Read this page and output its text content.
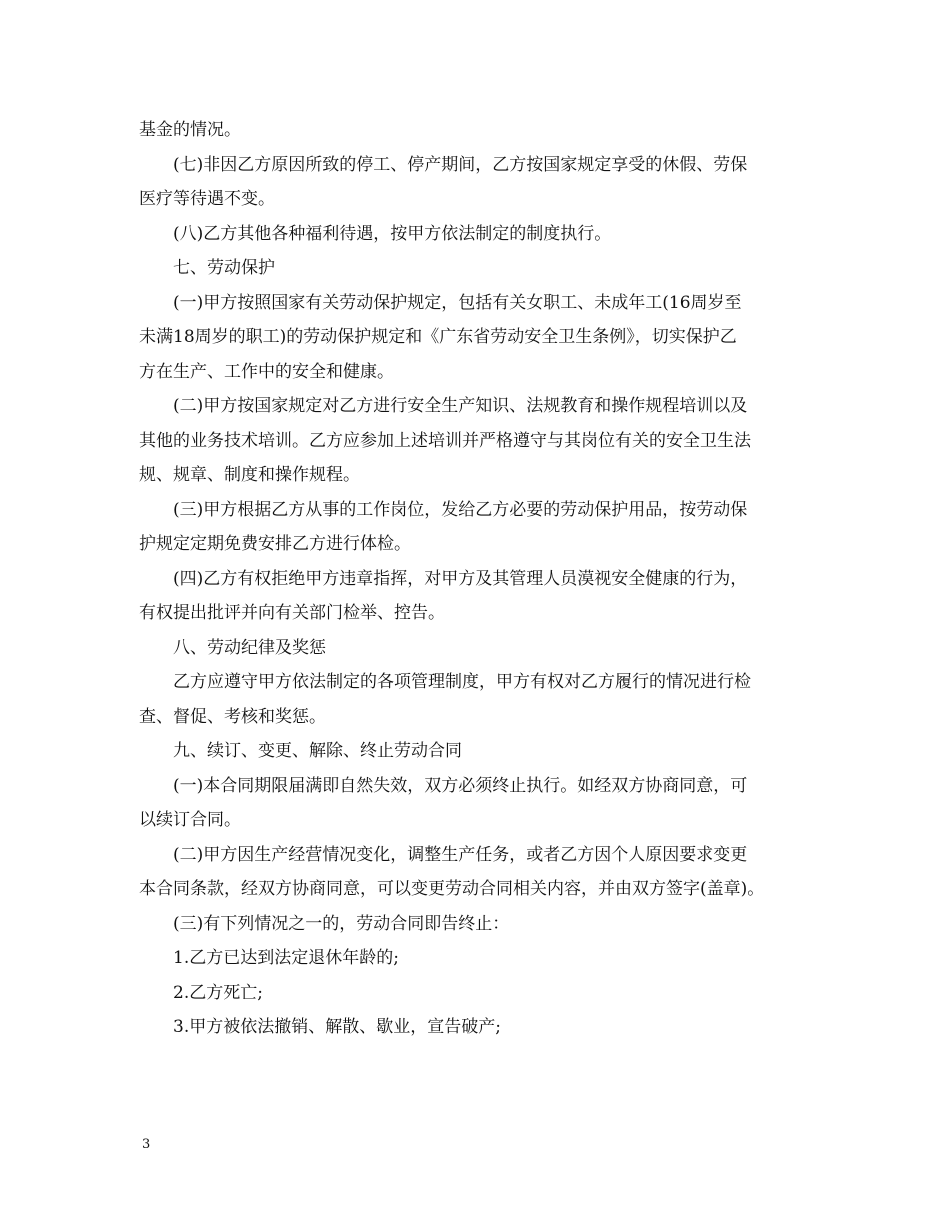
基金的情况。
(七)非因乙方原因所致的停工、停产期间，乙方按国家规定享受的休假、劳保
医疗等待遇不变。
(八)乙方其他各种福利待遇，按甲方依法制定的制度执行。
七、劳动保护
(一)甲方按照国家有关劳动保护规定，包括有关女职工、未成年工(16周岁至
未满18周岁的职工)的劳动保护规定和《广东省劳动安全卫生条例》，切实保护乙
方在生产、工作中的安全和健康。
(二)甲方按国家规定对乙方进行安全生产知识、法规教育和操作规程培训以及
其他的业务技术培训。乙方应参加上述培训并严格遵守与其岗位有关的安全卫生法
规、规章、制度和操作规程。
(三)甲方根据乙方从事的工作岗位，发给乙方必要的劳动保护用品，按劳动保
护规定定期免费安排乙方进行体检。
(四)乙方有权拒绝甲方违章指挥，对甲方及其管理人员漠视安全健康的行为，
有权提出批评并向有关部门检举、控告。
八、劳动纪律及奖惩
乙方应遵守甲方依法制定的各项管理制度，甲方有权对乙方履行的情况进行检
查、督促、考核和奖惩。
九、续订、变更、解除、终止劳动合同
(一)本合同期限届满即自然失效，双方必须终止执行。如经双方协商同意，可
以续订合同。
(二)甲方因生产经营情况变化，调整生产任务，或者乙方因个人原因要求变更
本合同条款，经双方协商同意，可以变更劳动合同相关内容，并由双方签字(盖章)。
(三)有下列情况之一的，劳动合同即告终止：
1.乙方已达到法定退休年龄的;
2.乙方死亡;
3.甲方被依法撤销、解散、歇业，宣告破产;
3
